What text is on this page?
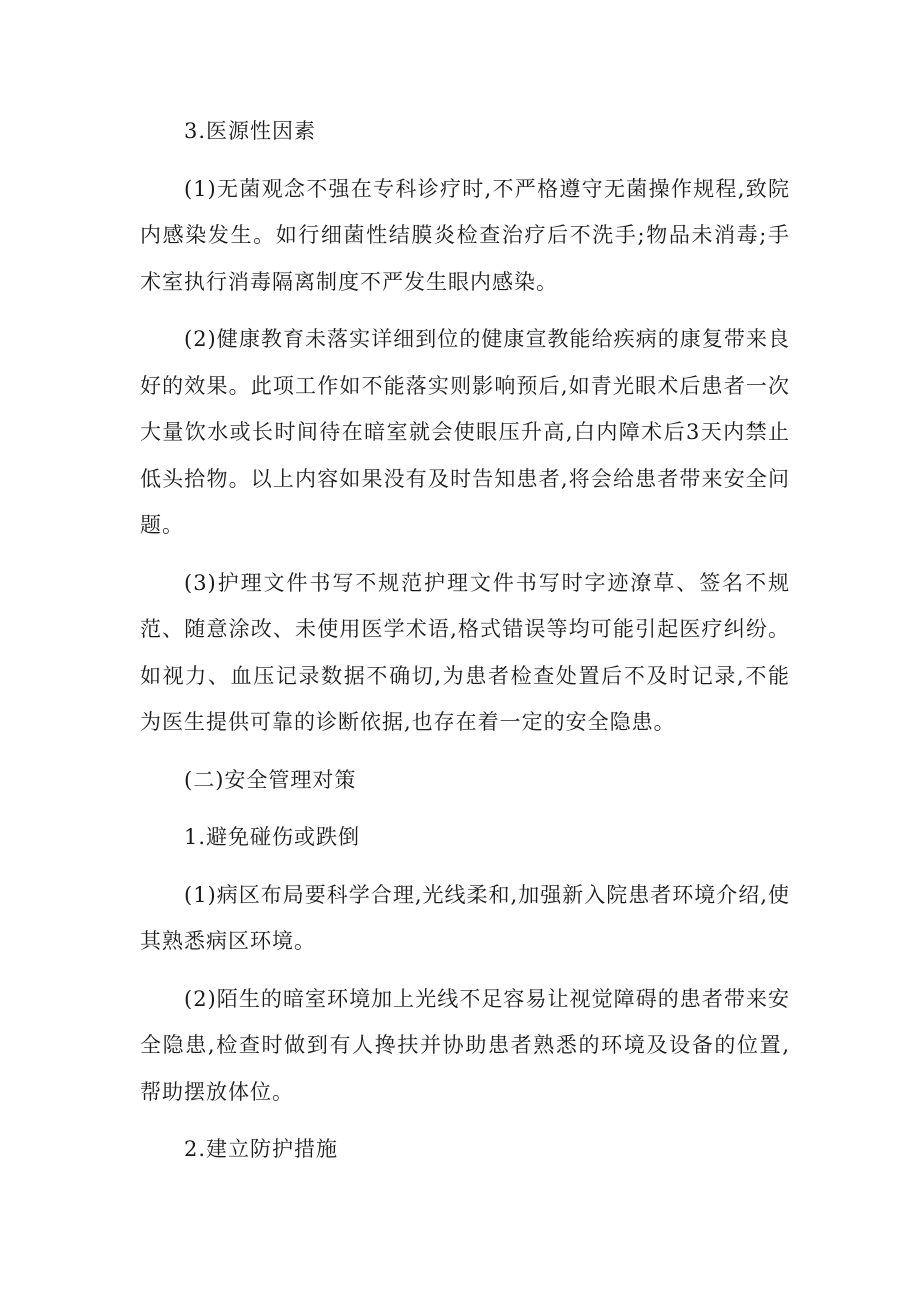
3.医源性因素

(1)无菌观念不强在专科诊疗时,不严格遵守无菌操作规程,致院内感染发生。如行细菌性结膜炎检查治疗后不洗手;物品未消毒;手术室执行消毒隔离制度不严发生眼内感染。

(2)健康教育未落实详细到位的健康宣教能给疾病的康复带来良好的效果。此项工作如不能落实则影响预后,如青光眼术后患者一次大量饮水或长时间待在暗室就会使眼压升高,白内障术后3天内禁止低头拾物。以上内容如果没有及时告知患者,将会给患者带来安全问题。

(3)护理文件书写不规范护理文件书写时字迹潦草、签名不规范、随意涂改、未使用医学术语,格式错误等均可能引起医疗纠纷。如视力、血压记录数据不确切,为患者检查处置后不及时记录,不能为医生提供可靠的诊断依据,也存在着一定的安全隐患。

(二)安全管理对策

1.避免碰伤或跌倒

(1)病区布局要科学合理,光线柔和,加强新入院患者环境介绍,使其熟悉病区环境。

(2)陌生的暗室环境加上光线不足容易让视觉障碍的患者带来安全隐患,检查时做到有人搀扶并协助患者熟悉的环境及设备的位置,帮助摆放体位。

2.建立防护措施
